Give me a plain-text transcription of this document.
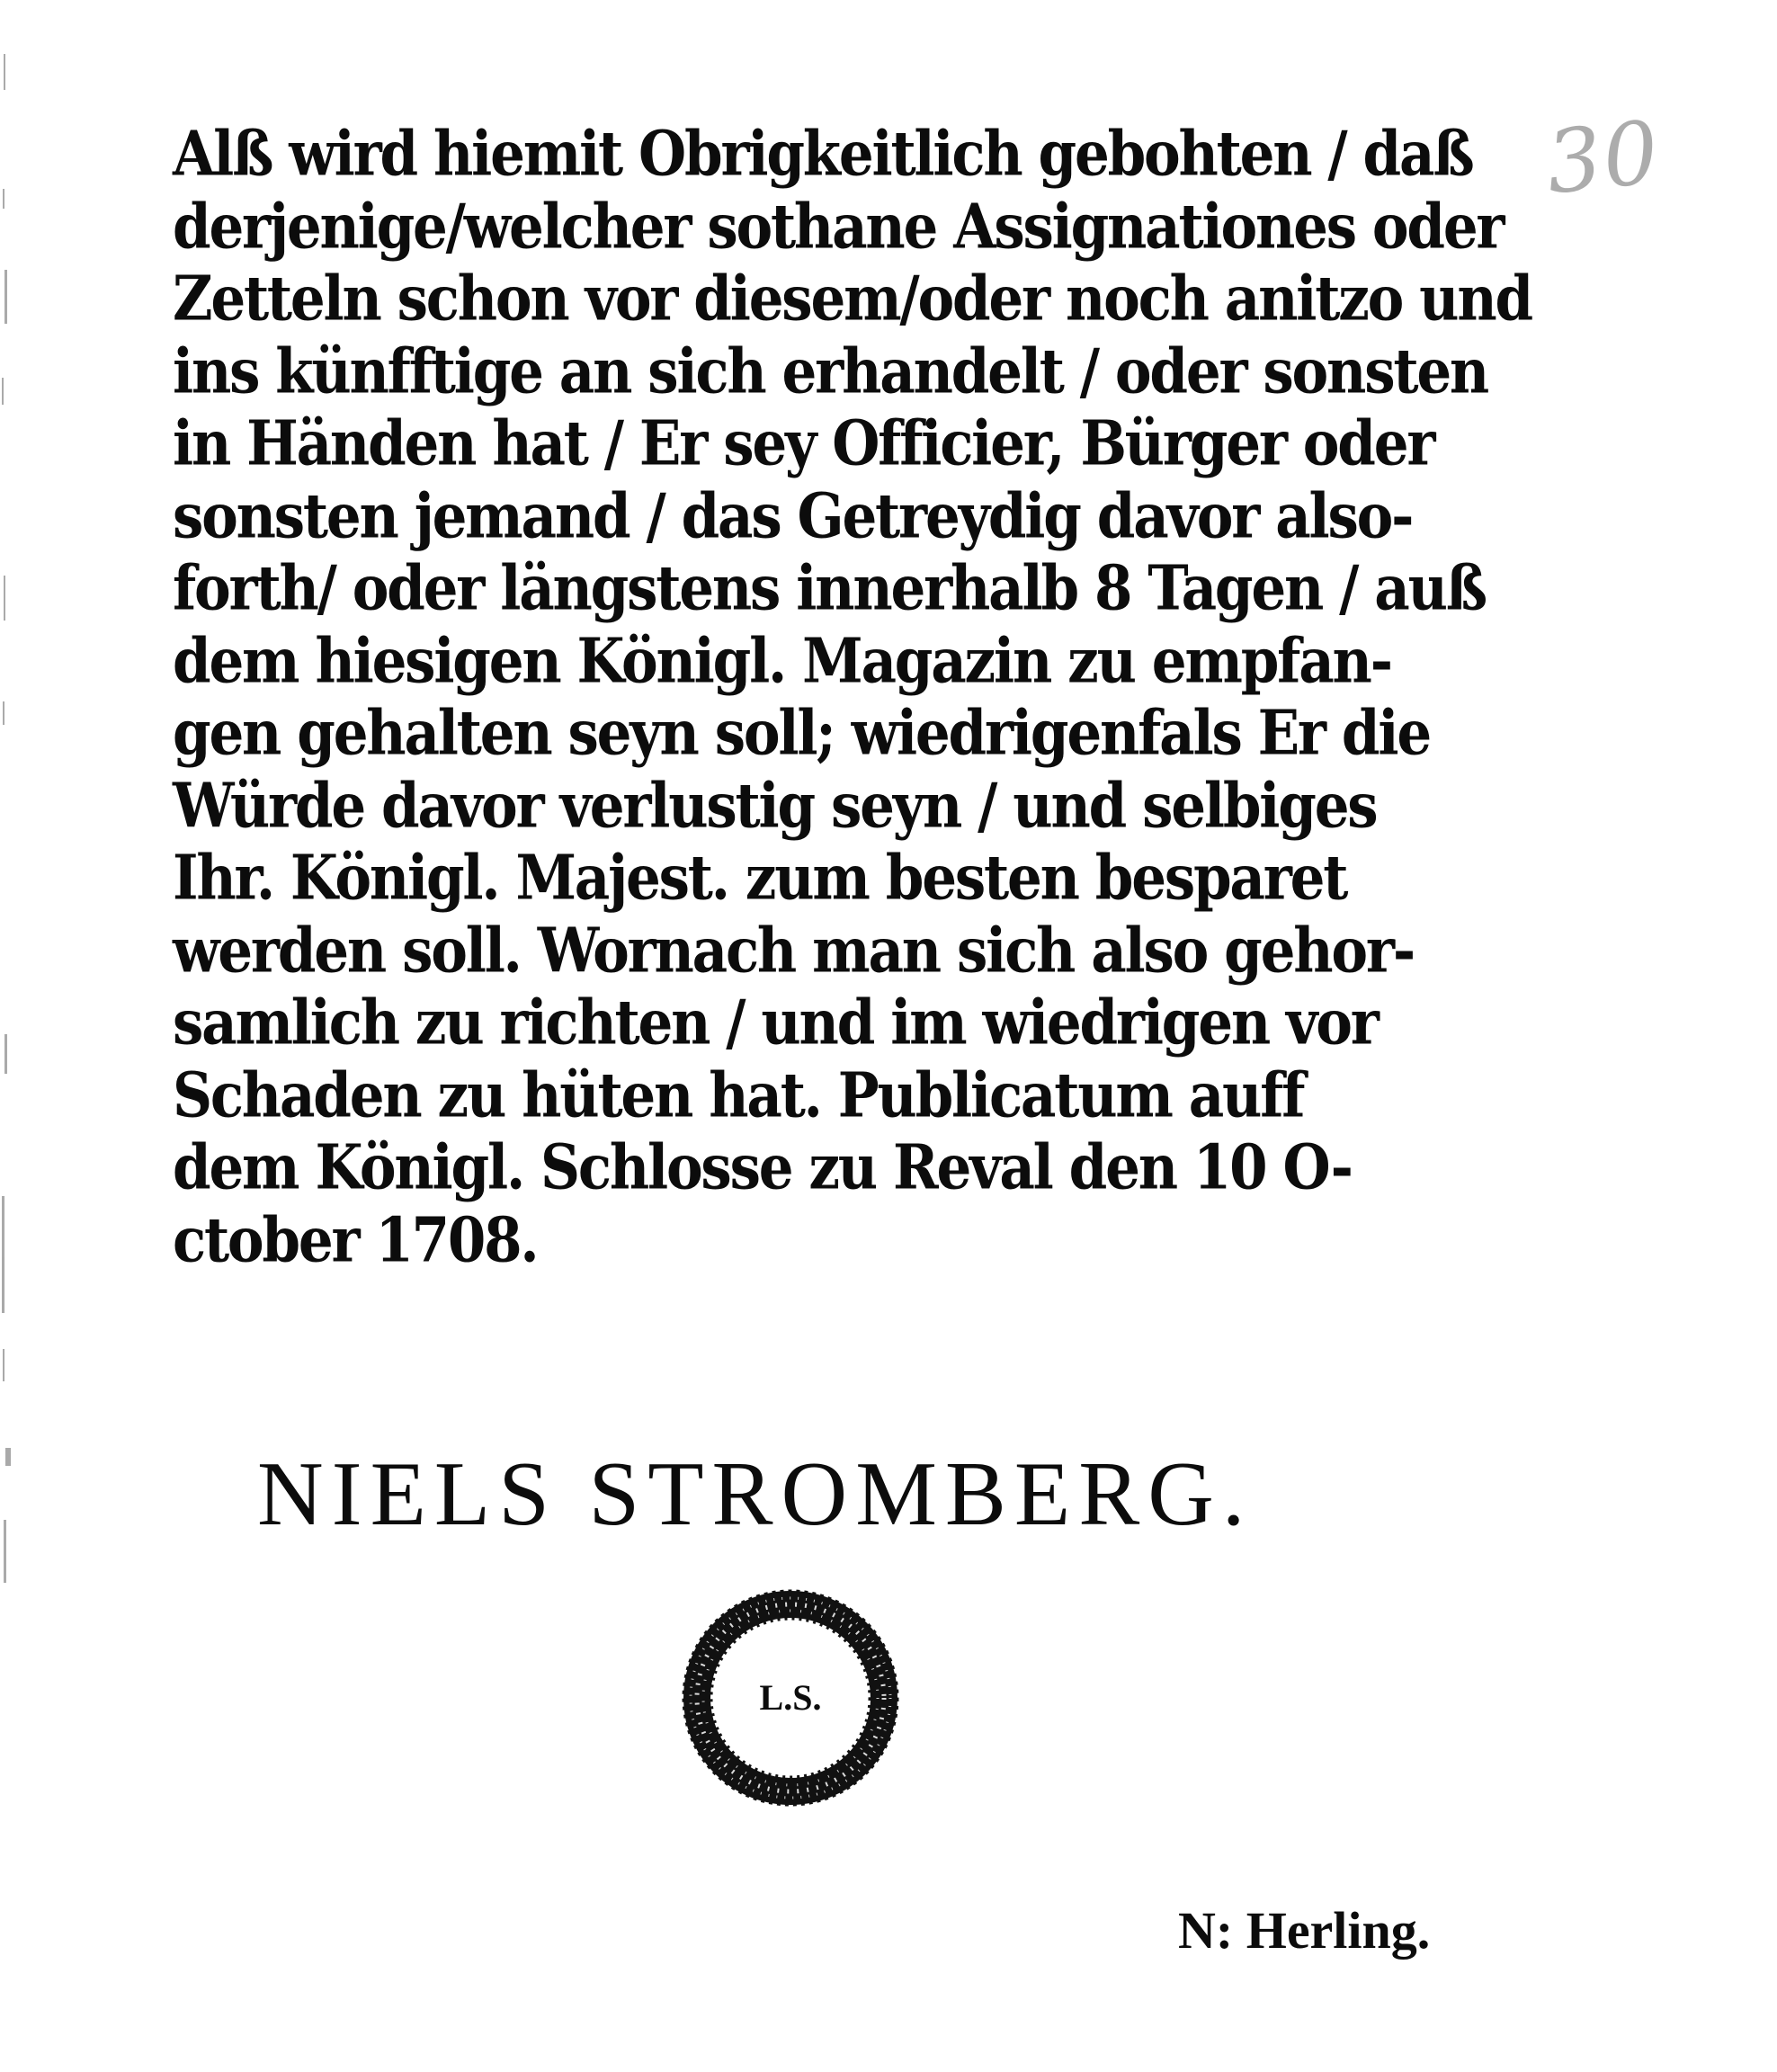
30
Alß wird hiemit Obrigkeitlich gebohten / daß
derjenige/welcher sothane Assignationes oder
Zetteln schon vor diesem/oder noch anitzo und
ins künfftige an sich erhandelt / oder sonsten
in Händen hat / Er sey Officier, Bürger oder
sonsten jemand / das Getreydig davor also-
forth/ oder längstens innerhalb 8 Tagen / auß
dem hiesigen Königl. Magazin zu empfan-
gen gehalten seyn soll; wiedrigenfals Er die
Würde davor verlustig seyn / und selbiges
Ihr. Königl. Majest. zum besten besparet
werden soll. Wornach man sich also gehor-
samlich zu richten / und im wiedrigen vor
Schaden zu hüten hat. Publicatum auff
dem Königl. Schlosse zu Reval den 10 O-
ctober 1708.
NIELS STROMBERG.
L.S.
N: Herling.
